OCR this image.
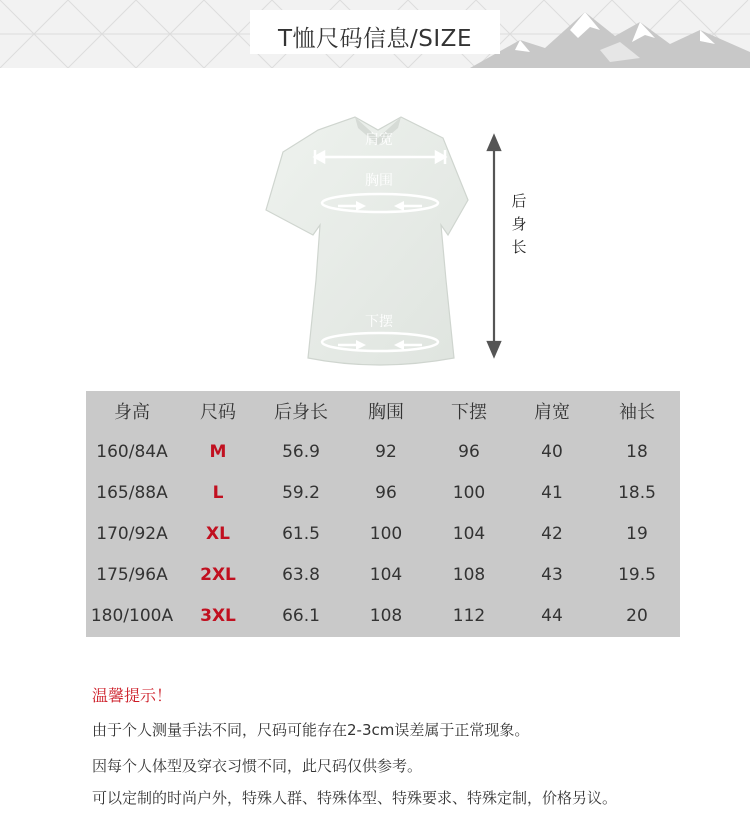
T恤尺码信息/SIZE
肩宽
胸围
下摆
后
身
长
身高	尺码	后身长	胸围	下摆	肩宽	袖长
160/84A	M	56.9	92	96	40	18
165/88A	L	59.2	96	100	41	18.5
170/92A	XL	61.5	100	104	42	19
175/96A	2XL	63.8	104	108	43	19.5
180/100A	3XL	66.1	108	112	44	20
温馨提示！
由于个人测量手法不同，尺码可能存在2-3cm误差属于正常现象。
因每个人体型及穿衣习惯不同，此尺码仅供参考。
可以定制的时尚户外，特殊人群、特殊体型、特殊要求、特殊定制，价格另议。
